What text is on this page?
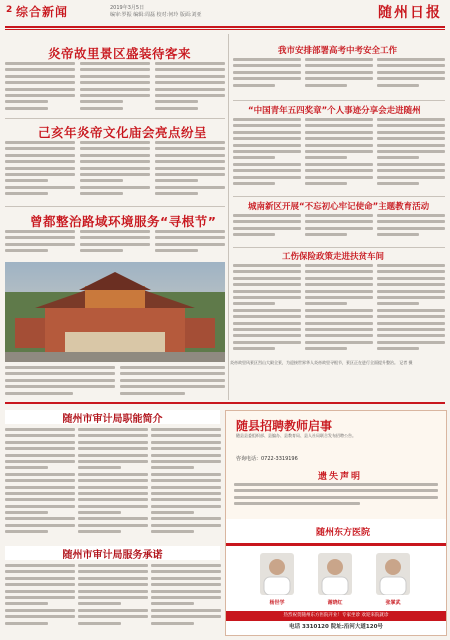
2 综合新闻	2019年3月5日
编审:罗振 编辑:周磊 校对:何玲 版面:刘亚	随州日报
炎帝故里景区盛装待客来
己亥年炎帝文化庙会亮点纷呈
曾都整治路域环境服务“寻根节”
炎帝故里风景区烈山大殿全景，为迎接世界华人炎帝故里寻根节，景区正在进行全面提升整治。 记者 摄
我市安排部署高考中考安全工作
“中国青年五四奖章”个人事迹分享会走进随州
城南新区开展“不忘初心牢记使命”主题教育活动
工伤保险政策走进扶贫车间
随州市审计局职能简介
随州市审计局服务承诺
随县招聘教师启事
随县县委组织部、县编办、县教育局、县人社局联合发布招聘公告。
咨询电话：0722-3319196
遗失声明
随州东方医院
杨世学	谢晓红	张掌武
热烈祝贺随州东方医院开业！专家坐诊 欢迎来院就诊
电话 3310120 院址:沿河大道120号
